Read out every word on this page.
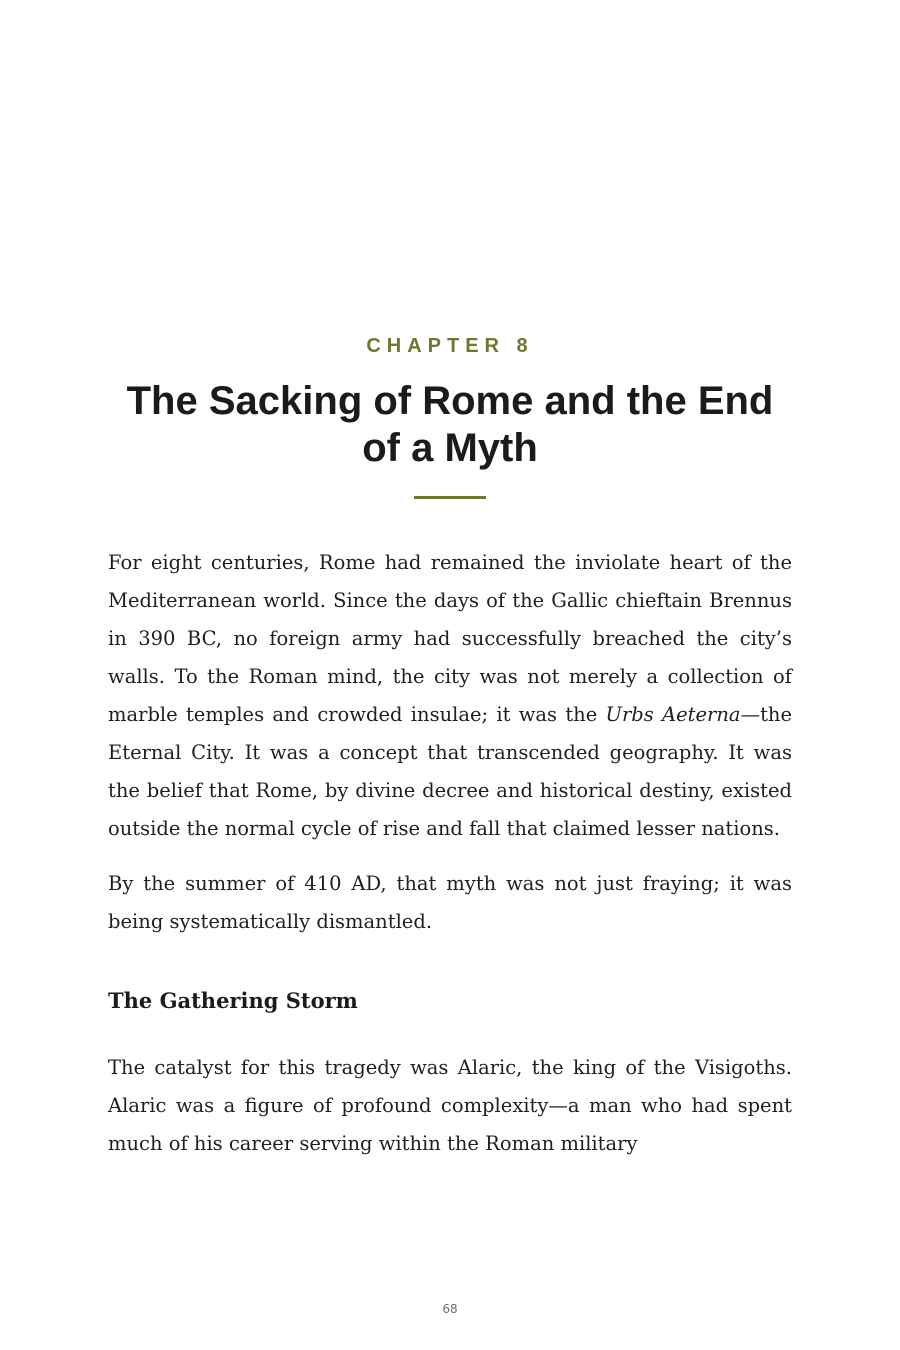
CHAPTER 8
The Sacking of Rome and the End of a Myth

For eight centuries, Rome had remained the inviolate heart of the Mediterranean world. Since the days of the Gallic chieftain Brennus in 390 BC, no foreign army had successfully breached the city’s walls. To the Roman mind, the city was not merely a collection of marble temples and crowded insulae; it was the Urbs Aeterna—the Eternal City. It was a concept that transcended geography. It was the belief that Rome, by divine decree and historical destiny, existed outside the normal cycle of rise and fall that claimed lesser nations.

By the summer of 410 AD, that myth was not just fraying; it was being systematically dismantled.

The Gathering Storm

The catalyst for this tragedy was Alaric, the king of the Visigoths. Alaric was a figure of profound complexity—a man who had spent much of his career serving within the Roman military

68
